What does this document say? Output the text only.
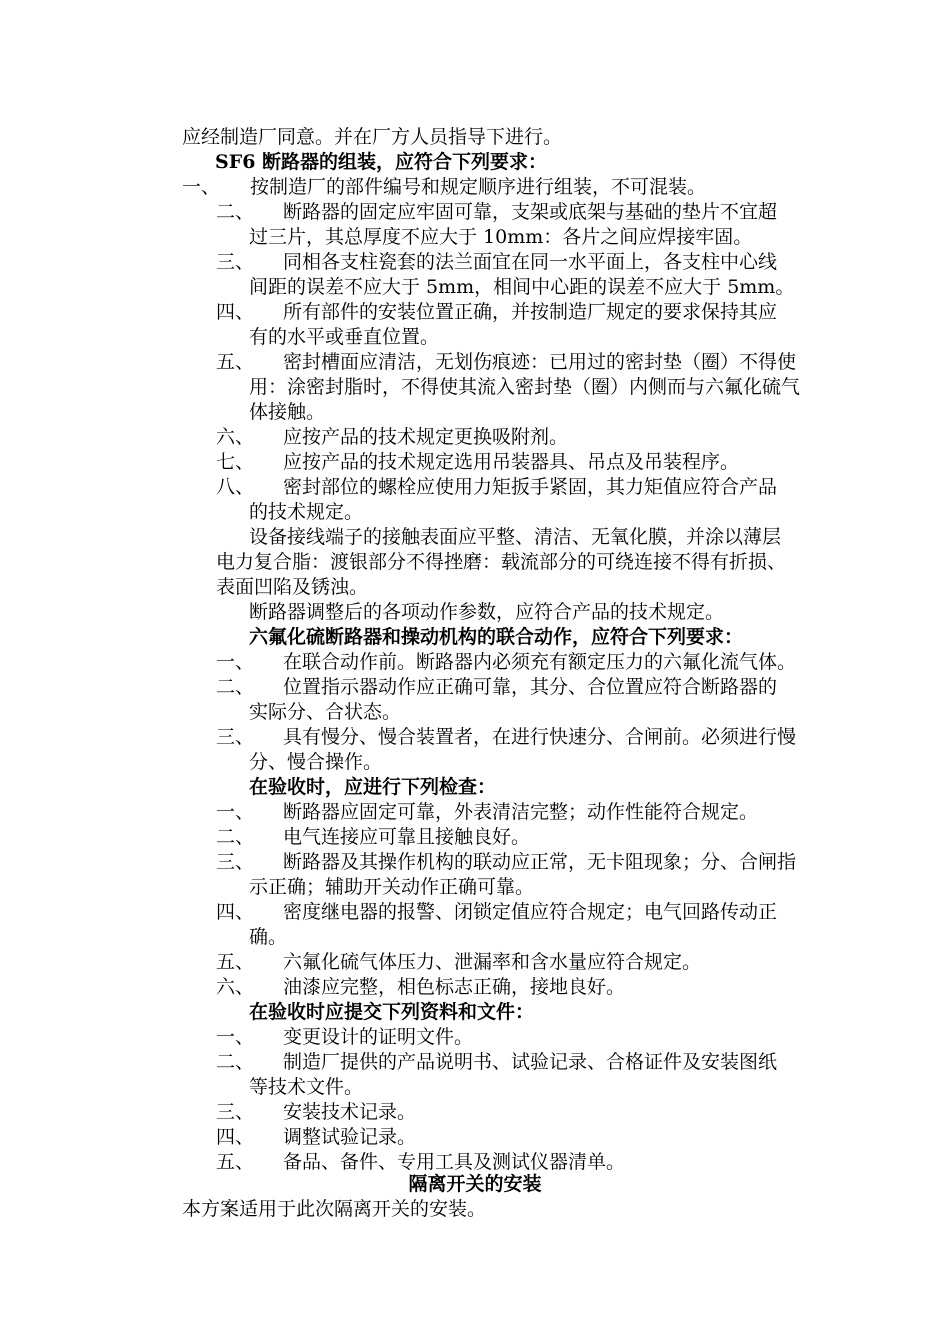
应经制造厂同意。并在厂方人员指导下进行。
SF6 断路器的组装，应符合下列要求：
一、 按制造厂的部件编号和规定顺序进行组装，不可混装。
二、 断路器的固定应牢固可靠，支架或底架与基础的垫片不宜超
过三片，其总厚度不应大于 10mm：各片之间应焊接牢固。
三、 同相各支柱瓷套的法兰面宜在同一水平面上，各支柱中心线
间距的误差不应大于 5mm，相间中心距的误差不应大于 5mm。
四、 所有部件的安装位置正确，并按制造厂规定的要求保持其应
有的水平或垂直位置。
五、 密封槽面应清洁，无划伤痕迹：已用过的密封垫（圈）不得使
用：涂密封脂时，不得使其流入密封垫（圈）内侧而与六氟化硫气
体接触。
六、 应按产品的技术规定更换吸附剂。
七、 应按产品的技术规定选用吊装器具、吊点及吊装程序。
八、 密封部位的螺栓应使用力矩扳手紧固，其力矩值应符合产品
的技术规定。
设备接线端子的接触表面应平整、清洁、无氧化膜，并涂以薄层
电力复合脂：渡银部分不得挫磨：载流部分的可绕连接不得有折损、
表面凹陷及锈浊。
断路器调整后的各项动作参数，应符合产品的技术规定。
六氟化硫断路器和操动机构的联合动作，应符合下列要求：
一、 在联合动作前。断路器内必须充有额定压力的六氟化流气体。
二、 位置指示器动作应正确可靠，其分、合位置应符合断路器的
实际分、合状态。
三、 具有慢分、慢合装置者，在进行快速分、合闸前。必须进行慢
分、慢合操作。
在验收时，应进行下列检查：
一、 断路器应固定可靠，外表清洁完整；动作性能符合规定。
二、 电气连接应可靠且接触良好。
三、 断路器及其操作机构的联动应正常，无卡阻现象；分、合闸指
示正确；辅助开关动作正确可靠。
四、 密度继电器的报警、闭锁定值应符合规定；电气回路传动正
确。
五、 六氟化硫气体压力、泄漏率和含水量应符合规定。
六、 油漆应完整，相色标志正确，接地良好。
在验收时应提交下列资料和文件：
一、 变更设计的证明文件。
二、 制造厂提供的产品说明书、试验记录、合格证件及安装图纸
等技术文件。
三、 安装技术记录。
四、 调整试验记录。
五、 备品、备件、专用工具及测试仪器清单。
隔离开关的安装
本方案适用于此次隔离开关的安装。
